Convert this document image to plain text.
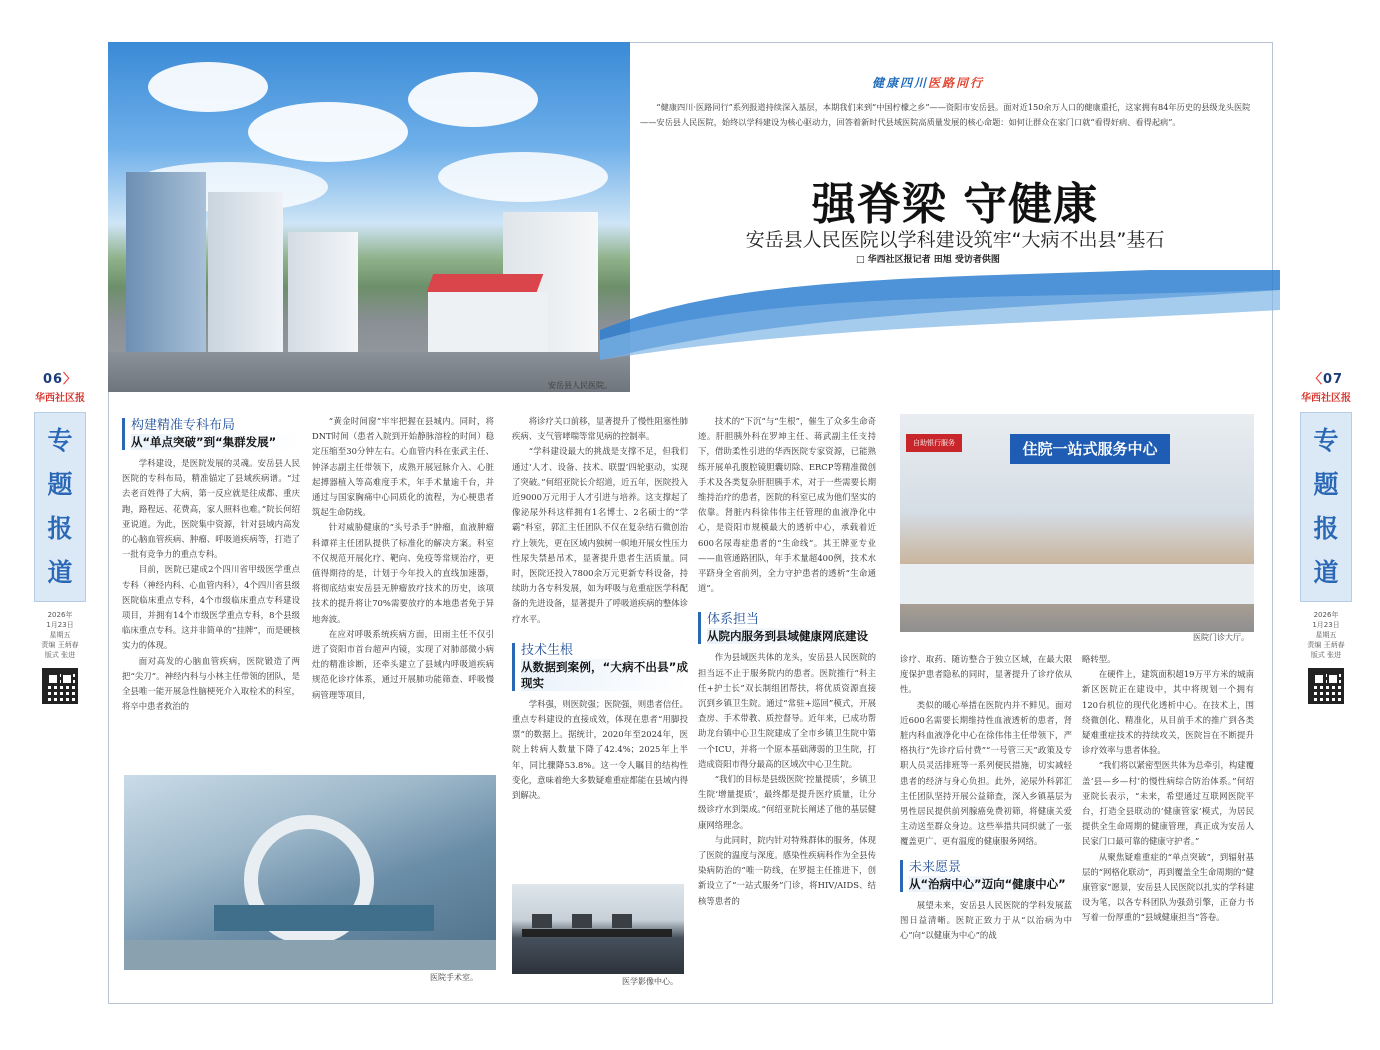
06〉
华西社区报
专
题
报
道
2026年
1月23日
星期五
责编 王炳春
版式 张进
〈07
华西社区报
专
题
报
道
2026年
1月23日
星期五
责编 王炳春
版式 张进
安岳县人民医院。
健康四川医路同行
“健康四川·医路同行”系列报道持续深入基层，本期我们来到“中国柠檬之乡”——资阳市安岳县。面对近150余万人口的健康重托，这家拥有84年历史的县级龙头医院——安岳县人民医院，始终以学科建设为核心驱动力，回答着新时代县域医院高质量发展的核心命题：如何让群众在家门口就“看得好病、看得起病”。
强脊梁 守健康
安岳县人民医院以学科建设筑牢“大病不出县”基石
□ 华西社区报记者 田旭 受访者供图
构建精准专科布局
从“单点突破”到“集群发展”

学科建设，是医院发展的灵魂。安岳县人民医院的专科布局，精准锚定了县域疾病谱。“过去老百姓得了大病，第一反应就是往成都、重庆跑，路程远、花费高，家人照料也难。”院长何绍亚说道。为此，医院集中资源，针对县域内高发的心脑血管疾病、肿瘤、呼吸道疾病等，打造了一批有竞争力的重点专科。

目前，医院已建成2个四川省甲级医学重点专科（神经内科、心血管内科），4个四川省县级医院临床重点专科，4个市级临床重点专科建设项目，并拥有14个市级医学重点专科，8个县级临床重点专科。这并非简单的“挂牌”，而是硬核实力的体现。

面对高发的心脑血管疾病，医院锻造了两把“尖刀”。神经内科与小林主任带领的团队，是全县唯一能开展急性脑梗死介入取栓术的科室，将卒中患者救治的

“黄金时间窗”牢牢把握在县城内。同时，将DNT时间（患者入院到开始静脉溶栓的时间）稳定压缩至30分钟左右。心血管内科在张武主任、钟泽志副主任带领下，成熟开展冠脉介入、心脏起搏器植入等高难度手术，年手术量逾千台，并通过与国家胸痛中心同质化的流程，为心梗患者筑起生命防线。

针对威胁健康的“头号杀手”肿瘤，血液肿瘤科谭祥主任团队提供了标准化的解决方案。科室不仅规范开展化疗、靶向、免疫等常规治疗，更值得期待的是，计划于今年投入的直线加速器，将彻底结束安岳县无肿瘤放疗技术的历史，该项技术的提升将让70%需要放疗的本地患者免于异地奔波。

在应对呼吸系统疾病方面，田雨主任不仅引进了资阳市首台超声内镜，实现了对肺部微小病灶的精准诊断，还牵头建立了县域内呼吸道疾病规范化诊疗体系，通过开展肺功能筛查、呼吸慢病管理等项目，

医院手术室。

将诊疗关口前移，显著提升了慢性阻塞性肺疾病、支气管哮喘等常见病的控制率。

“学科建设最大的挑战是支撑不足，但我们通过‘人才、设备、技术、联盟’四轮驱动，实现了突破。”何绍亚院长介绍道，近五年，医院投入近9000万元用于人才引进与培养。这支撑起了像泌尿外科这样拥有1名博士、2名硕士的“学霸”科室，郭汇主任团队不仅在复杂结石微创治疗上领先，更在区域内独树一帜地开展女性压力性尿失禁悬吊术，显著提升患者生活质量。同时，医院还投入7800余万元更新专科设备，持续助力各专科发展，如为呼吸与危重症医学科配备的先进设备，显著提升了呼吸道疾病的整体诊疗水平。

技术生根
从数据到案例，“大病不出县”成现实

学科强，则医院强；医院强，则患者信任。重点专科建设的直接成效，体现在患者“用脚投票”的数据上。据统计，2020年至2024年，医院上转病人数量下降了42.4%；2025年上半年，同比骤降53.8%。这一令人瞩目的结构性变化，意味着绝大多数疑难重症都能在县域内得到解决。

医学影像中心。

技术的“下沉”与“生根”，催生了众多生命奇迹。肝胆胰外科在罗坤主任、蒋武副主任支持下，借助柔性引进的华西医院专家资源，已能熟练开展单孔腹腔镜胆囊切除、ERCP等精准微创手术及各类复杂肝胆胰手术，对于一些需要长期维持治疗的患者，医院的科室已成为他们坚实的依靠。肾脏内科徐伟伟主任管理的血液净化中心，是资阳市规模最大的透析中心，承载着近600名尿毒症患者的“生命线”。其王牌亚专业——血管通路团队，年手术量超400例，技术水平跻身全省前列，全力守护患者的透析“生命通道”。

体系担当
从院内服务到县域健康网底建设

作为县域医共体的龙头，安岳县人民医院的担当远不止于服务院内的患者。医院推行“科主任+护士长”双长制组团帮扶，将优质资源直接沉到乡镇卫生院。通过“常驻+巡回”模式，开展查房、手术带教、质控督导。近年来，已成功帮助龙台镇中心卫生院建成了全市乡镇卫生院中第一个ICU，并将一个原本基础薄弱的卫生院，打造成资阳市得分最高的区域次中心卫生院。

“我们的目标是县级医院‘控量提质’，乡镇卫生院‘增量提质’，最终都是提升医疗质量，让分级诊疗水到渠成。”何绍亚院长阐述了他的基层健康网络理念。

与此同时，院内针对特殊群体的服务，体现了医院的温度与深度。感染性疾病科作为全县传染病防治的“唯一防线，在罗挺主任推进下，创新设立了“一站式服务”门诊，将HIV/AIDS、结核等患者的

住院一站式服务中心
自助银行服务
医院门诊大厅。

诊疗、取药、随访整合于独立区域，在最大限度保护患者隐私的同时，显著提升了诊疗依从性。

类似的暖心举措在医院内并不鲜见。面对近600名需要长期维持性血液透析的患者，肾脏内科血液净化中心在徐伟伟主任带领下，严格执行“先诊疗后付费”“一号管三天”政策及专职人员灵活排班等一系列便民措施，切实减轻患者的经济与身心负担。此外，泌尿外科郭汇主任团队坚持开展公益筛查，深入乡镇基层为男性居民提供前列腺癌免费初筛，将健康关爱主动送至群众身边。这些举措共同织就了一张覆盖更广、更有温度的健康服务网络。

未来愿景
从“治病中心”迈向“健康中心”

展望未来，安岳县人民医院的学科发展蓝图日益清晰。医院正致力于从“以治病为中心”向“以健康为中心”的战

略转型。

在硬件上，建筑面积超19万平方米的城南新区医院正在建设中，其中将规划一个拥有120台机位的现代化透析中心。在技术上，围绕微创化、精准化，从目前手术的推广到各类疑难重症技术的持续攻关，医院旨在不断提升诊疗效率与患者体验。

“我们将以紧密型医共体为总牵引，构建覆盖‘县—乡—村’的慢性病综合防治体系。”何绍亚院长表示，“未来，希望通过互联网医院平台，打造全县联动的‘健康管家’模式，为居民提供全生命周期的健康管理，真正成为安岳人民家门口最可靠的健康守护者。”

从聚焦疑难重症的“单点突破”，到辐射基层的“网格化联动”，再到覆盖全生命周期的“健康管家”愿景，安岳县人民医院以扎实的学科建设为笔，以各专科团队为强劲引擎，正奋力书写着一份厚重的“县域健康担当”答卷。
